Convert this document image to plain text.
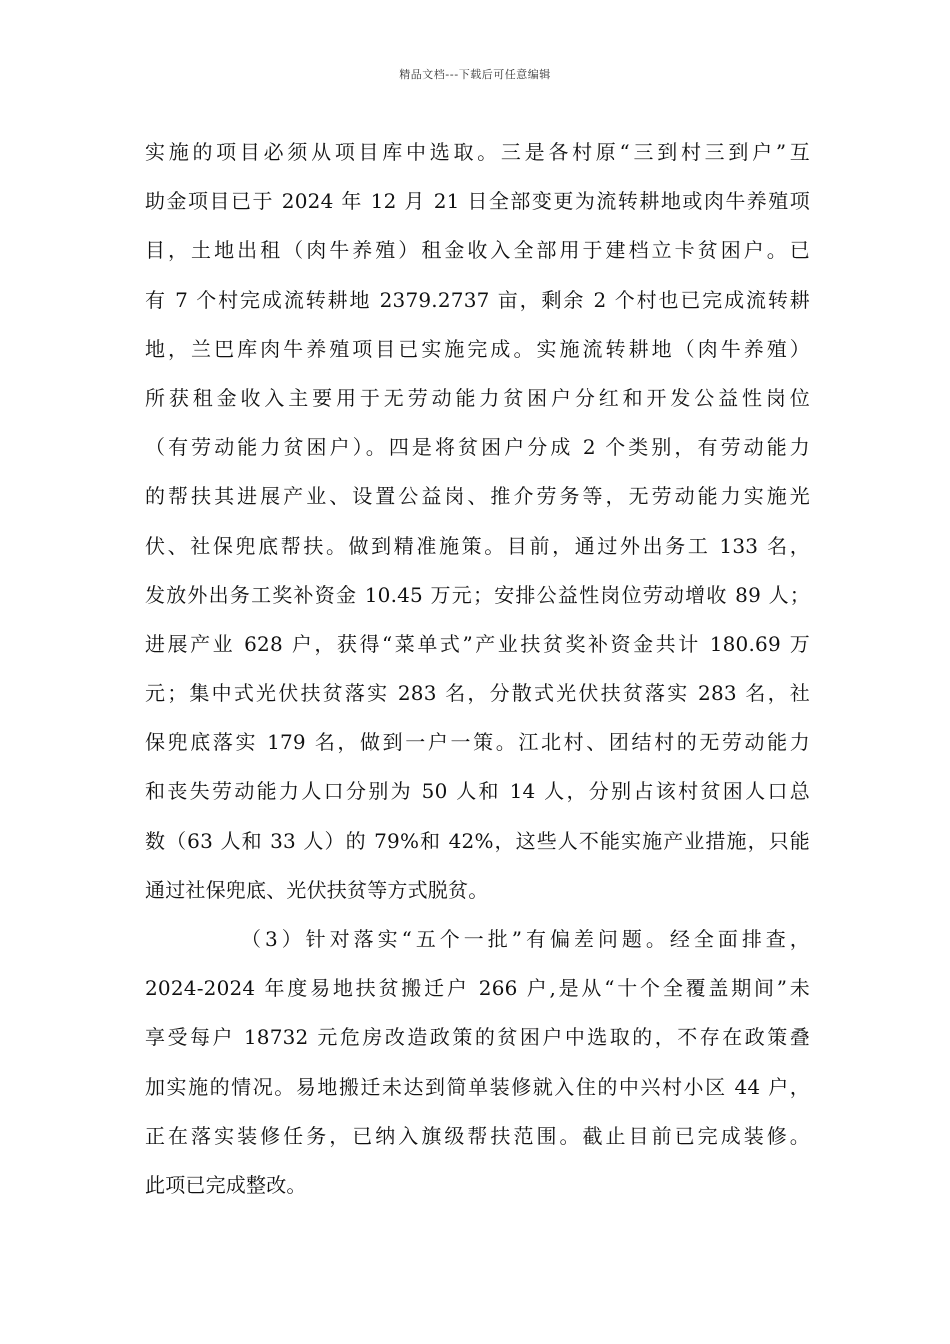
精品文档---下载后可任意编辑
实施的项目必须从项目库中选取。三是各村原“三到村三到户”互
助金项目已于 2024 年 12 月 21 日全部变更为流转耕地或肉牛养殖项
目，土地出租（肉牛养殖）租金收入全部用于建档立卡贫困户。已
有 7 个村完成流转耕地 2379.2737 亩，剩余 2 个村也已完成流转耕
地，兰巴库肉牛养殖项目已实施完成。实施流转耕地（肉牛养殖）
所获租金收入主要用于无劳动能力贫困户分红和开发公益性岗位
（有劳动能力贫困户）。四是将贫困户分成 2 个类别，有劳动能力
的帮扶其进展产业、设置公益岗、推介劳务等，无劳动能力实施光
伏、社保兜底帮扶。做到精准施策。目前，通过外出务工 133 名，
发放外出务工奖补资金 10.45 万元；安排公益性岗位劳动增收 89 人；
进展产业 628 户，获得“菜单式”产业扶贫奖补资金共计 180.69 万
元；集中式光伏扶贫落实 283 名，分散式光伏扶贫落实 283 名，社
保兜底落实 179 名，做到一户一策。江北村、团结村的无劳动能力
和丧失劳动能力人口分别为 50 人和 14 人，分别占该村贫困人口总
数（63 人和 33 人）的 79%和 42%，这些人不能实施产业措施，只能
通过社保兜底、光伏扶贫等方式脱贫。
（3）针对落实“五个一批”有偏差问题。经全面排查，
2024-2024 年度易地扶贫搬迁户 266 户,是从“十个全覆盖期间”未
享受每户 18732 元危房改造政策的贫困户中选取的，不存在政策叠
加实施的情况。易地搬迁未达到简单装修就入住的中兴村小区 44 户，
正在落实装修任务，已纳入旗级帮扶范围。截止目前已完成装修。
此项已完成整改。
